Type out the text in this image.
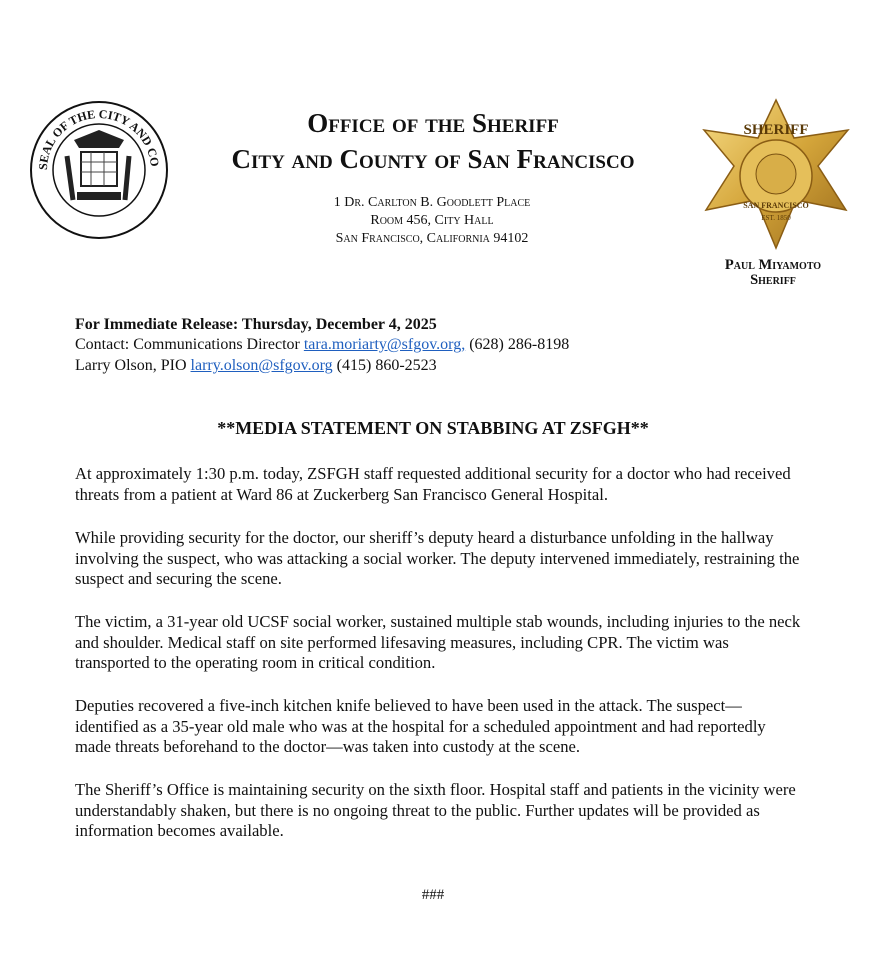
SEAL OF THE CITY AND CO
Office of the Sheriff
City and County of San Francisco
1 Dr. Carlton B. Goodlett Place
Room 456, City Hall
San Francisco, California 94102
SHERIFF
SAN FRANCISCO
EST. 1850
Paul Miyamoto
Sheriff
For Immediate Release: Thursday, December 4, 2025
Contact: Communications Director tara.moriarty@sfgov.org, (628) 286-8198
Larry Olson, PIO larry.olson@sfgov.org (415) 860-2523
**MEDIA STATEMENT ON STABBING AT ZSFGH**
At approximately 1:30 p.m. today, ZSFGH staff requested additional security for a doctor who had received threats from a patient at Ward 86 at Zuckerberg San Francisco General Hospital.
While providing security for the doctor, our sheriff’s deputy heard a disturbance unfolding in the hallway involving the suspect, who was attacking a social worker. The deputy intervened immediately, restraining the suspect and securing the scene.
The victim, a 31-year old UCSF social worker, sustained multiple stab wounds, including injuries to the neck and shoulder. Medical staff on site performed lifesaving measures, including CPR. The victim was transported to the operating room in critical condition.
Deputies recovered a five-inch kitchen knife believed to have been used in the attack. The suspect—identified as a 35-year old male who was at the hospital for a scheduled appointment and had reportedly made threats beforehand to the doctor—was taken into custody at the scene.
The Sheriff’s Office is maintaining security on the sixth floor. Hospital staff and patients in the vicinity were understandably shaken, but there is no ongoing threat to the public. Further updates will be provided as information becomes available.
###
